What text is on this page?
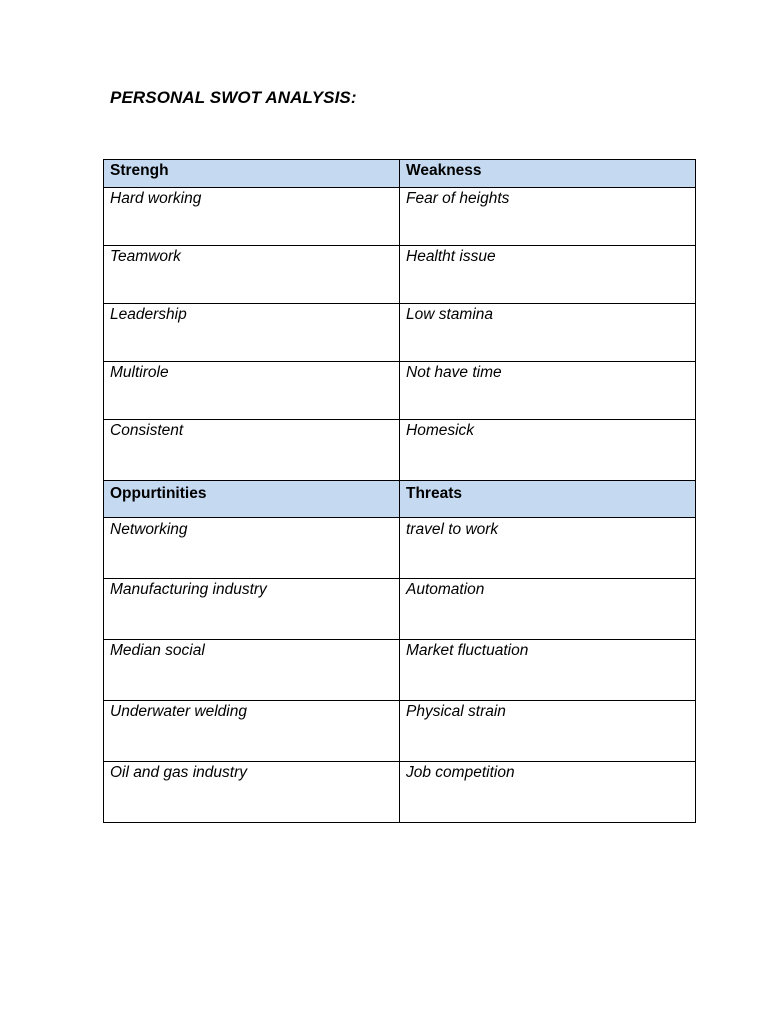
PERSONAL SWOT ANALYSIS:
Strengh	Weakness
Hard working	Fear of heights
Teamwork	Healtht issue
Leadership	Low stamina
Multirole	Not have time
Consistent	Homesick
Oppurtinities	Threats
Networking	travel to work
Manufacturing industry	Automation
Median social	Market fluctuation
Underwater welding	Physical strain
Oil and gas industry	Job competition
